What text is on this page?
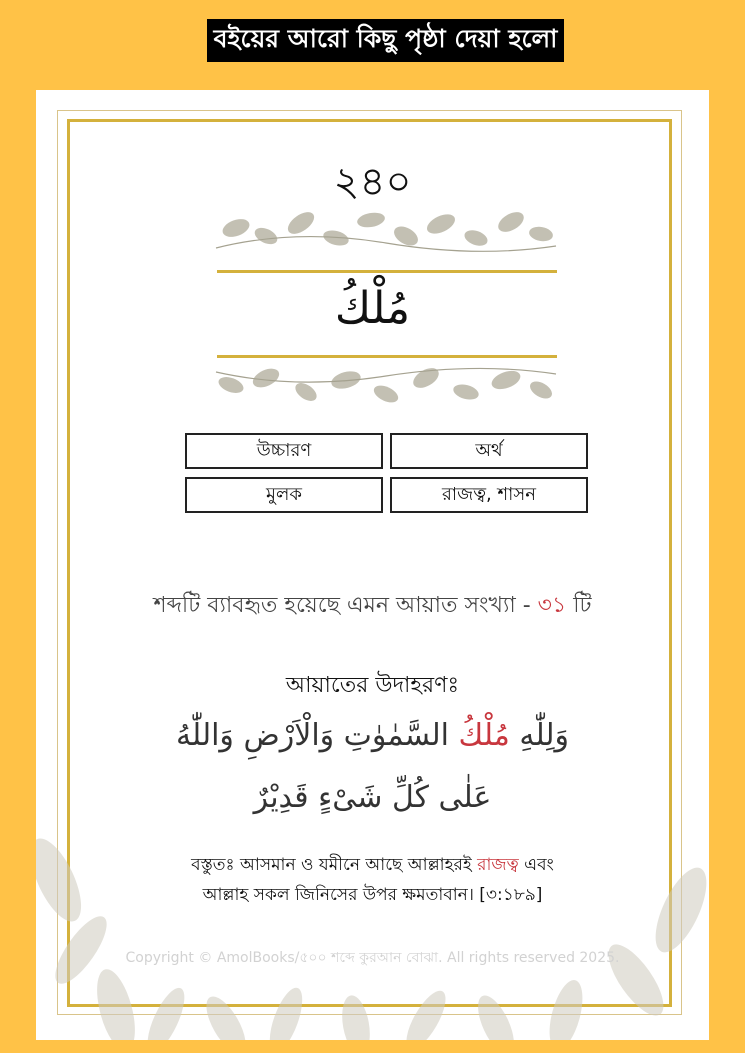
বইয়ের আরো কিছু পৃষ্ঠা দেয়া হলো
২৪০
مُلْكُ
উচ্চারণ	অর্থ
মুলক	রাজত্ব, শাসন
শব্দটি ব্যাবহৃত হয়েছে এমন আয়াত সংখ্যা - ৩১ টি
আয়াতের উদাহরণঃ
وَلِلّٰهِ مُلْكُ السَّمٰوٰتِ وَالْاَرْضِ وَاللّٰهُ
عَلٰى كُلِّ شَىْءٍ قَدِيْرٌ
বস্তুতঃ আসমান ও যমীনে আছে আল্লাহরই রাজত্ব এবং
আল্লাহ সকল জিনিসের উপর ক্ষমতাবান। [৩:১৮৯]
Copyright © AmolBooks/৫০০ শব্দে কুরআন বোঝা. All rights reserved 2025.
